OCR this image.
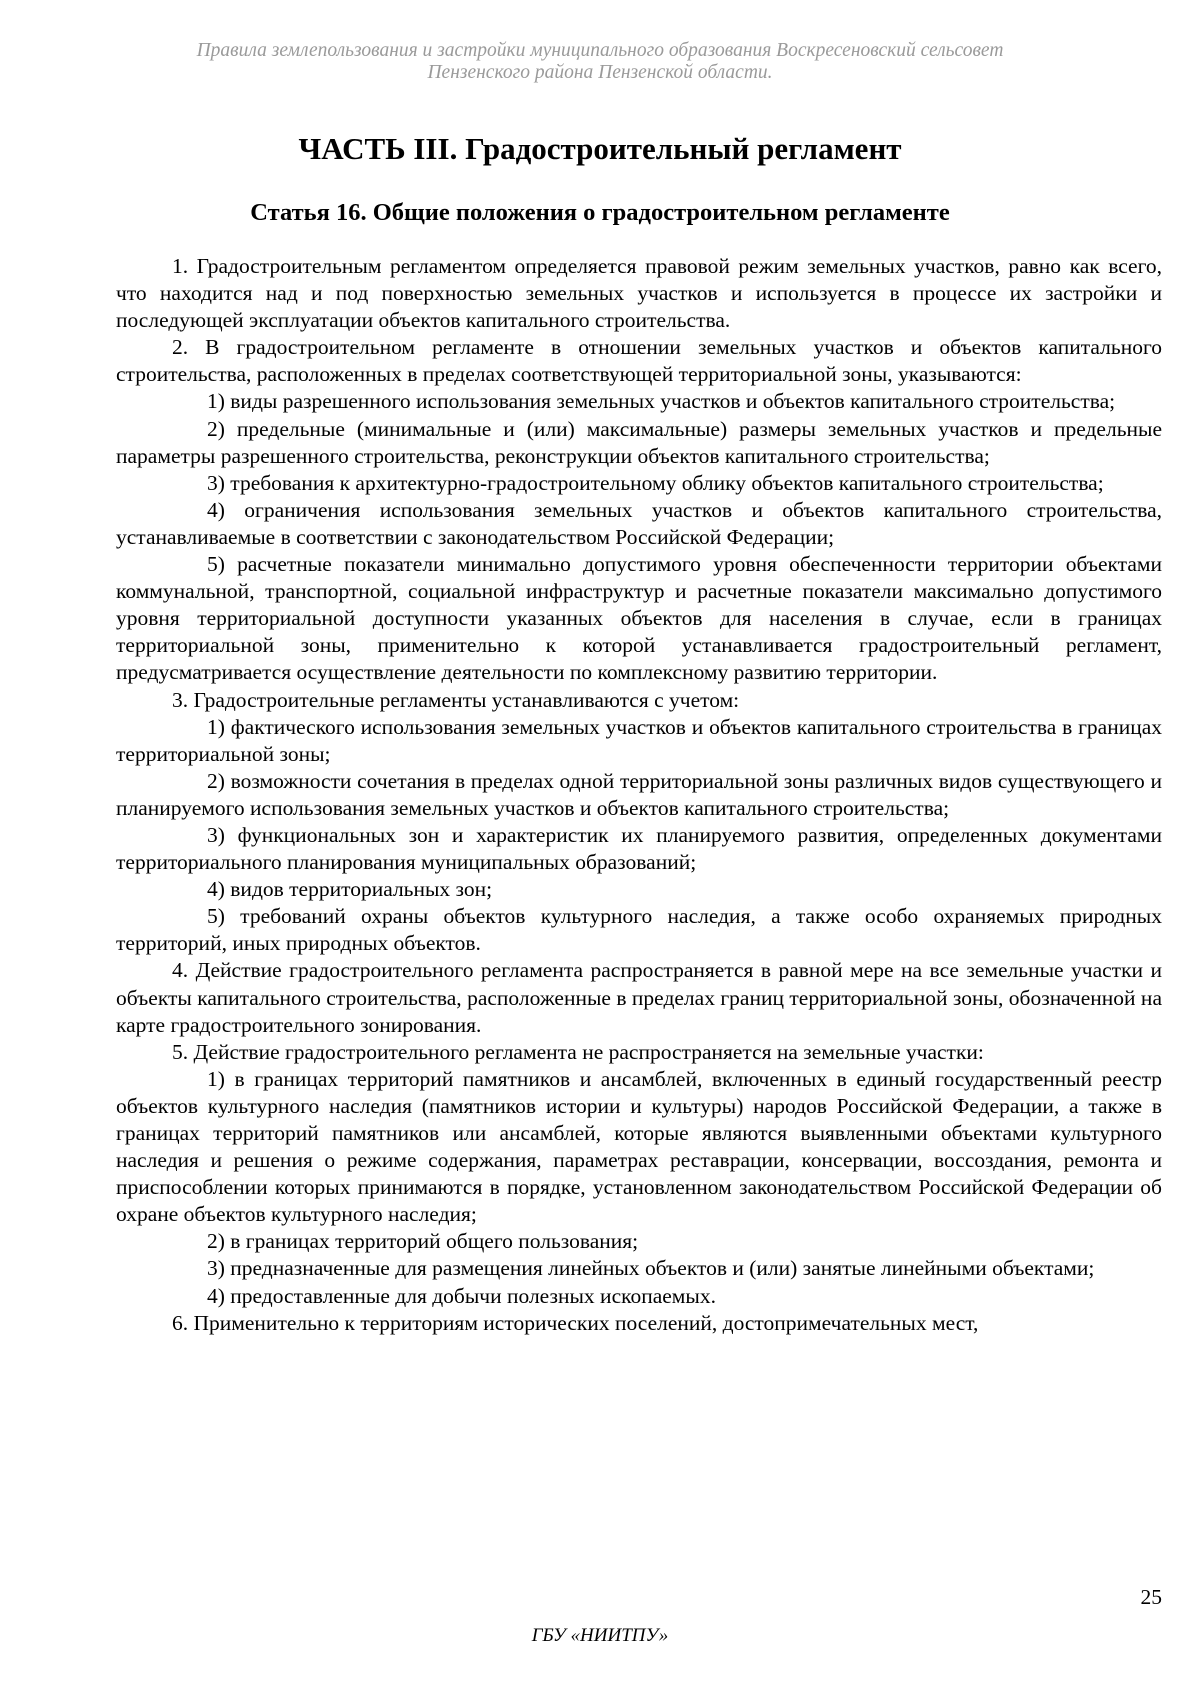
Правила землепользования и застройки муниципального образования Воскресеновский сельсовет
Пензенского района Пензенской области.
ЧАСТЬ III. Градостроительный регламент
Статья 16. Общие положения о градостроительном регламенте

1. Градостроительным регламентом определяется правовой режим земельных участков, равно как всего, что находится над и под поверхностью земельных участков и используется в процессе их застройки и последующей эксплуатации объектов капитального строительства.

2. В градостроительном регламенте в отношении земельных участков и объектов капитального строительства, расположенных в пределах соответствующей территориальной зоны, указываются:

1) виды разрешенного использования земельных участков и объектов капитального строительства;

2) предельные (минимальные и (или) максимальные) размеры земельных участков и предельные параметры разрешенного строительства, реконструкции объектов капитального строительства;

3) требования к архитектурно-градостроительному облику объектов капитального строительства;

4) ограничения использования земельных участков и объектов капитального строительства, устанавливаемые в соответствии с законодательством Российской Федерации;

5) расчетные показатели минимально допустимого уровня обеспеченности территории объектами коммунальной, транспортной, социальной инфраструктур и расчетные показатели максимально допустимого уровня территориальной доступности указанных объектов для населения в случае, если в границах территориальной зоны, применительно к которой устанавливается градостроительный регламент, предусматривается осуществление деятельности по комплексному развитию территории.

3. Градостроительные регламенты устанавливаются с учетом:

1) фактического использования земельных участков и объектов капитального строительства в границах территориальной зоны;

2) возможности сочетания в пределах одной территориальной зоны различных видов существующего и планируемого использования земельных участков и объектов капитального строительства;

3) функциональных зон и характеристик их планируемого развития, определенных документами территориального планирования муниципальных образований;

4) видов территориальных зон;

5) требований охраны объектов культурного наследия, а также особо охраняемых природных территорий, иных природных объектов.

4. Действие градостроительного регламента распространяется в равной мере на все земельные участки и объекты капитального строительства, расположенные в пределах границ территориальной зоны, обозначенной на карте градостроительного зонирования.

5. Действие градостроительного регламента не распространяется на земельные участки:

1) в границах территорий памятников и ансамблей, включенных в единый государственный реестр объектов культурного наследия (памятников истории и культуры) народов Российской Федерации, а также в границах территорий памятников или ансамблей, которые являются выявленными объектами культурного наследия и решения о режиме содержания, параметрах реставрации, консервации, воссоздания, ремонта и приспособлении которых принимаются в порядке, установленном законодательством Российской Федерации об охране объектов культурного наследия;

2) в границах территорий общего пользования;

3) предназначенные для размещения линейных объектов и (или) занятые линейными объектами;

4) предоставленные для добычи полезных ископаемых.

6. Применительно к территориям исторических поселений, достопримечательных мест,

25
ГБУ «НИИТПУ»
